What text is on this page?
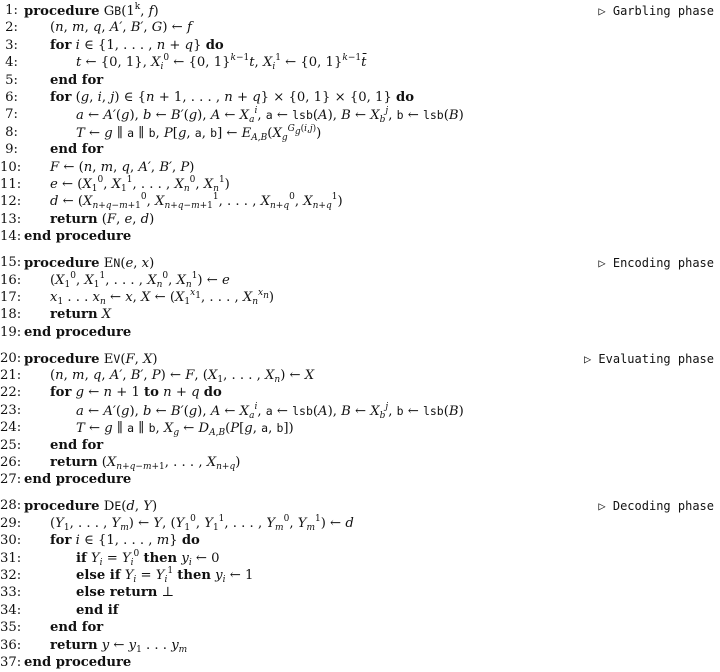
1: procedure GB(1$^k$, f)	▷ Garbling phase
2: (n, m, q, A′, B′, G) ← f
3: for i ∈ {1, . . . , n + q} do
4:	t ← {0, 1}, $X_i^0$ ← {0, 1}$^{k-1}$t, $X_i^1$ ← {0, 1}$^{k-1}$t̄
5: end for
6: for (g, i, j) ∈ {n + 1, . . . , n + q} × {0, 1} × {0, 1} do
7:	a ← A′(g), b ← B′(g), A ← $X_a^i$, a ← lsb(A), B ← $X_b^j$, b ← lsb(B)
8:	T ← g ∥ a ∥ b, P[g, a, b] ← $E_{A,B}(X_g^{G_g(i,j)})$
9: end for
10: F ← (n, m, q, A′, B′, P)
11: e ← ($X_1^0$, $X_1^1$, . . . , $X_n^0$, $X_n^1$)
12: d ← ($X_{n+q-m+1}^0$, $X_{n+q-m+1}^1$, . . . , $X_{n+q}^0$, $X_{n+q}^1$)
13: return (F, e, d)
14: end procedure
15: procedure EN(e, x)	▷ Encoding phase
16: ($X_1^0$, $X_1^1$, . . . , $X_n^0$, $X_n^1$) ← e
17: $x_1$ . . . $x_n$ ← x, X ← ($X_1^{x_1}$, . . . , $X_n^{x_n}$)
18: return X
19: end procedure
20: procedure EV(F, X)	▷ Evaluating phase
21: (n, m, q, A′, B′, P) ← F, ($X_1$, . . . , $X_n$) ← X
22: for g ← n + 1 to n + q do
23:	a ← A′(g), b ← B′(g), A ← $X_a^i$, a ← lsb(A), B ← $X_b^j$, b ← lsb(B)
24:	T ← g ∥ a ∥ b, $X_g$ ← $D_{A,B}(P[g$, a, b])
25: end for
26: return ($X_{n+q-m+1}$, . . . , $X_{n+q}$)
27: end procedure
28: procedure DE(d, Y)	▷ Decoding phase
29: ($Y_1$, . . . , $Y_m$) ← Y, ($Y_1^0$, $Y_1^1$, . . . , $Y_m^0$, $Y_m^1$) ← d
30: for i ∈ {1, . . . , m} do
31:	if $Y_i = Y_i^0$ then $y_i$ ← 0
32:	else if $Y_i = Y_i^1$ then $y_i$ ← 1
33:	else return ⊥
34:	end if
35: end for
36: return y ← $y_1$ . . . $y_m$
37: end procedure
